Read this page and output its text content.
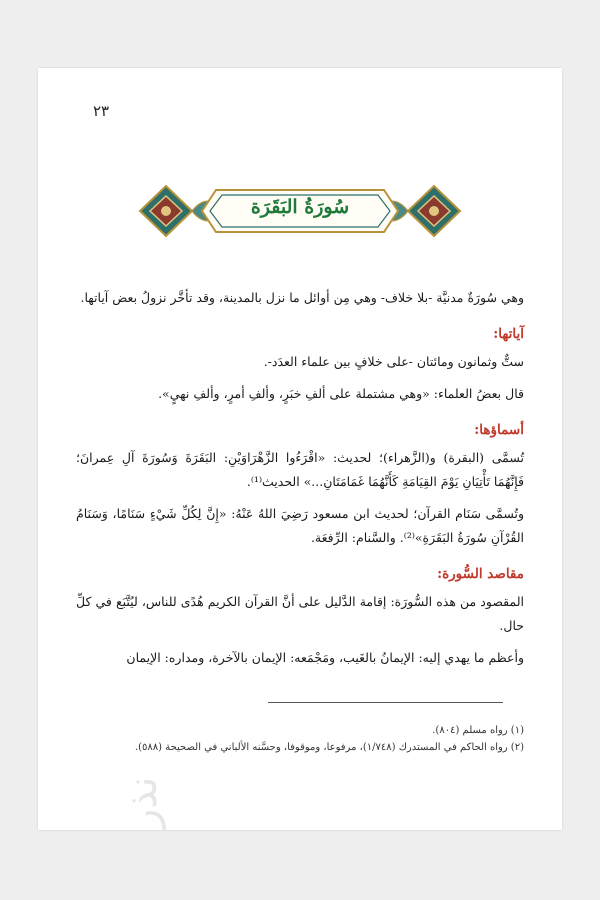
٢٣
سُورَةُ البَقَرَة

وهي سُورَةٌ مدنيَّة -بلا خلاف- وهي مِن أوائل ما نزل بالمدينة، وقد تأخَّر نزولُ بعض آياتها.

آياتها:

ستٌّ وثمانون ومائتان -على خلافٍ بين علماء العدَد-.

قال بعضُ العلماء: «وهي مشتملة على ألفِ خبَرٍ، وألفِ أمرٍ، وألفِ نهيٍ».

أسماؤها:

تُسمَّى (البقرة) و(الزَّهراء)؛ لحديث: «اقْرَءُوا الزَّهْرَاوَيْنِ: البَقَرَةَ وَسُورَةَ آلِ عِمرانَ؛ فَإِنَّهُمَا تَأْتِيَانِ يَوْمَ القِيَامَةِ كَأَنَّهُمَا غَمَامَتَانِ...» الحديث⁽¹⁾.

وتُسمَّى سَنَام القرآن؛ لحديث ابن مسعود رَضِيَ اللهُ عَنْهُ: «إِنَّ لِكُلِّ شَيْءٍ سَنَامًا، وَسَنَامُ القُرْآنِ سُورَةُ البَقَرَةِ»⁽²⁾. والسَّنام: الرِّفعَة.

مقاصد السُّورة:

المقصود من هذه السُّورَة: إقامة الدَّليل على أنَّ القرآن الكريم هُدًى للناس، ليُتَّبَع في كلِّ حال.

وأعظم ما يهدي إليه: الإيمانُ بالغَيب، ومَجْمَعه: الإيمان بالآخرة، ومداره: الإيمان

(١) رواه مسلم (٨٠٤).
(٢) رواه الحاكم في المستدرك (١/٧٤٨)، مرفوعا، وموقوفا، وحسَّنه الألباني في الصحيحة (٥٨٨).
نذر
